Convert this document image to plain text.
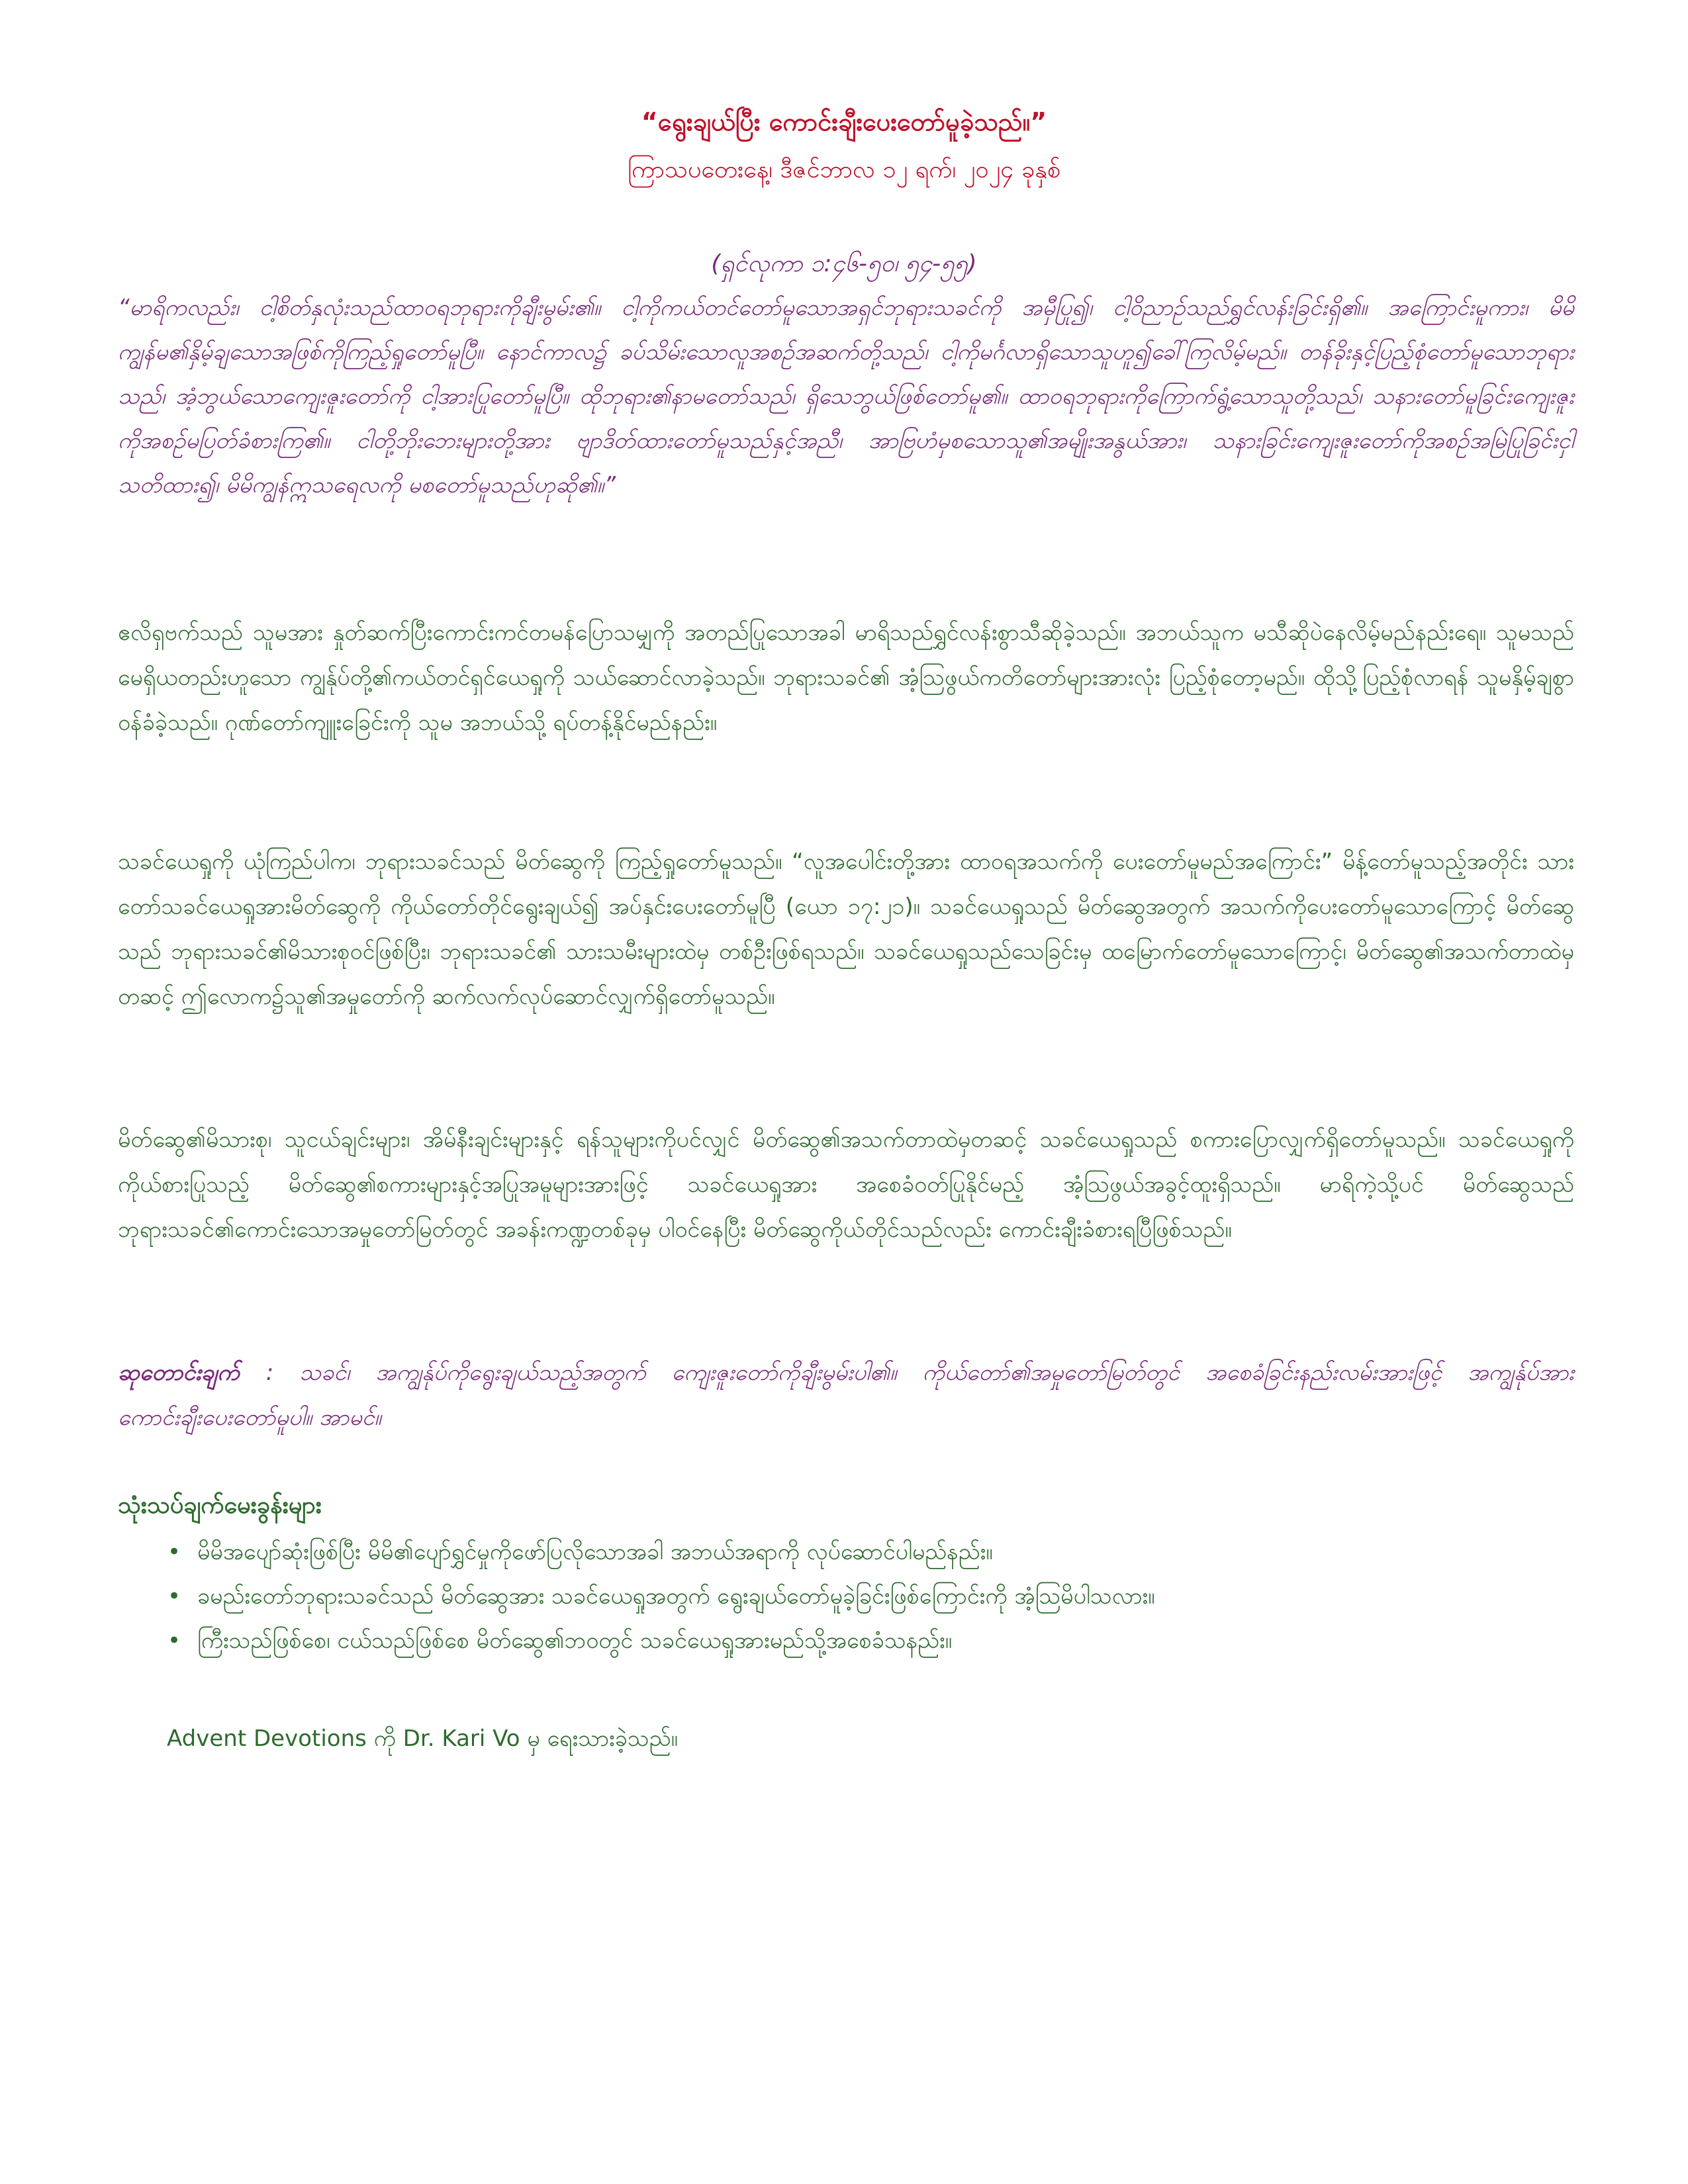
“ရွေးချယ်ပြီး ကောင်းချီးပေးတော်မူခဲ့သည်။”
ကြာသပတေးနေ့၊ ဒီဇင်ဘာလ ၁၂ ရက်၊ ၂၀၂၄ ခုနှစ်
(ရှင်လုကာ ၁:၄၆-၅၀၊ ၅၄-၅၅)
“မာရိကလည်း၊ ငါ့စိတ်နှလုံးသည်ထာဝရဘုရားကိုချီးမွမ်း၏။ ငါ့ကိုကယ်တင်တော်မူသောအရှင်ဘုရားသခင်ကို အမှီပြု၍၊ ငါ့ဝိညာဉ်သည်ရွှင်လန်းခြင်းရှိ၏။ အကြောင်းမူကား၊ မိမိကျွန်မ၏နှိမ့်ချသောအဖြစ်ကိုကြည့်ရှုတော်မူပြီ။ နောင်ကာလ၌ ခပ်သိမ်းသောလူအစဉ်အဆက်တို့သည်၊ ငါ့ကိုမင်္ဂလာရှိသောသူဟူ၍ခေါ်ကြလိမ့်မည်။ တန်ခိုးနှင့်ပြည့်စုံတော်မူသောဘုရားသည်၊ အံ့ဘွယ်သောကျေးဇူးတော်ကို ငါ့အားပြုတော်မူပြီ။ ထိုဘုရား၏နာမတော်သည်၊ ရှိသေဘွယ်ဖြစ်တော်မူ၏။ ထာဝရဘုရားကိုကြောက်ရွံ့သောသူတို့သည်၊ သနားတော်မူခြင်းကျေးဇူးကိုအစဉ်မပြတ်ခံစားကြ၏။ ငါတို့ဘိုးဘေးများတို့အား ဗျာဒိတ်ထားတော်မူသည်နှင့်အညီ၊ အာဗြဟံမှစသောသူ၏အမျိုးအနွယ်အား၊ သနားခြင်းကျေးဇူးတော်ကိုအစဉ်အမြဲပြုခြင်းငှါ သတိထား၍၊ မိမိကျွန်ဣသရေလကို မစတော်မူသည်ဟုဆို၏။”
ဧလိရှဗက်သည် သူမအား နှုတ်ဆက်ပြီးကောင်းကင်တမန်ပြောသမျှကို အတည်ပြုသောအခါ မာရိသည်ရွှင်လန်းစွာသီဆိုခဲ့သည်။ အဘယ်သူက မသီဆိုပဲနေလိမ့်မည်နည်းရေ။ သူမသည် မေရှိယတည်းဟူသော ကျွန်ုပ်တို့၏ကယ်တင်ရှင်ယေရှုကို သယ်ဆောင်လာခဲ့သည်။ ဘုရားသခင်၏ အံ့သြဖွယ်ကတိတော်များအားလုံး ပြည့်စုံတော့မည်။ ထိုသို့ပြည့်စုံလာရန် သူမနှိမ့်ချစွာဝန်ခံခဲ့သည်။ ဂုဏ်တော်ကျူးခြေင်းကို သူမ အဘယ်သို့ ရပ်တန့်နိုင်မည်နည်း။
သခင်ယေရှုကို ယုံကြည်ပါက၊ ဘုရားသခင်သည် မိတ်ဆွေကို ကြည့်ရှုတော်မူသည်။ “လူအပေါင်းတို့အား ထာဝရအသက်ကို ပေးတော်မူမည်အကြောင်း” မိန့်တော်မူသည့်အတိုင်း သားတော်သခင်ယေရှုအားမိတ်ဆွေကို ကိုယ်တော်တိုင်ရွေးချယ်၍ အပ်နှင်းပေးတော်မူပြီ (ယော ၁၇:၂၁)။ သခင်ယေရှုသည် မိတ်ဆွေအတွက် အသက်ကိုပေးတော်မူသောကြောင့် မိတ်ဆွေသည် ဘုရားသခင်၏မိသားစုဝင်ဖြစ်ပြီး၊ ဘုရားသခင်၏ သားသမီးများထဲမှ တစ်ဦးဖြစ်ရသည်။ သခင်ယေရှုသည်သေခြင်းမှ ထမြောက်တော်မူသောကြောင့်၊ မိတ်ဆွေ၏အသက်တာထဲမှတဆင့် ဤလောက၌သူ၏အမှုတော်ကို ဆက်လက်လုပ်ဆောင်လျှက်ရှိတော်မူသည်။
မိတ်ဆွေ၏မိသားစု၊ သူငယ်ချင်းများ၊ အိမ်နီးချင်းများနှင့် ရန်သူများကိုပင်လျှင် မိတ်ဆွေ၏အသက်တာထဲမှတဆင့် သခင်ယေရှုသည် စကားပြောလျှက်ရှိတော်မူသည်။ သခင်ယေရှုကို ကိုယ်စားပြုသည့် မိတ်ဆွေ၏စကားများနှင့်အပြုအမူများအားဖြင့် သခင်ယေရှုအား အစေခံဝတ်ပြုနိုင်မည့် အံ့သြဖွယ်အခွင့်ထူးရှိသည်။ မာရိကဲ့သို့ပင် မိတ်ဆွေသည် ဘုရားသခင်၏ကောင်းသောအမှုတော်မြတ်တွင် အခန်းကဏ္ဍတစ်ခုမှ ပါဝင်နေပြီး မိတ်ဆွေကိုယ်တိုင်သည်လည်း ကောင်းချီးခံစားရပြီဖြစ်သည်။
ဆုတောင်းချက် : သခင်၊ အကျွန်ုပ်ကိုရွေးချယ်သည့်အတွက် ကျေးဇူးတော်ကိုချီးမွမ်းပါ၏။ ကိုယ်တော်၏အမှုတော်မြတ်တွင် အစေခံခြင်းနည်းလမ်းအားဖြင့် အကျွန်ုပ်အား ကောင်းချီးပေးတော်မူပါ။ အာမင်။
သုံးသပ်ချက်မေးခွန်းများ
• မိမိအပျော်ဆုံးဖြစ်ပြီး မိမိ၏ပျော်ရွှင်မှုကိုဖော်ပြလိုသောအခါ အဘယ်အရာကို လုပ်ဆောင်ပါမည်နည်း။
• ခမည်းတော်ဘုရားသခင်သည် မိတ်ဆွေအား သခင်ယေရှုအတွက် ရွေးချယ်တော်မူခဲ့ခြင်းဖြစ်ကြောင်းကို အံ့သြမိပါသလား။
• ကြီးသည်ဖြစ်စေ၊ ငယ်သည်ဖြစ်စေ မိတ်ဆွေ၏ဘဝတွင် သခင်ယေရှုအားမည်သို့အစေခံသနည်း။
Advent Devotions ကို Dr. Kari Vo မှ ရေးသားခဲ့သည်။
